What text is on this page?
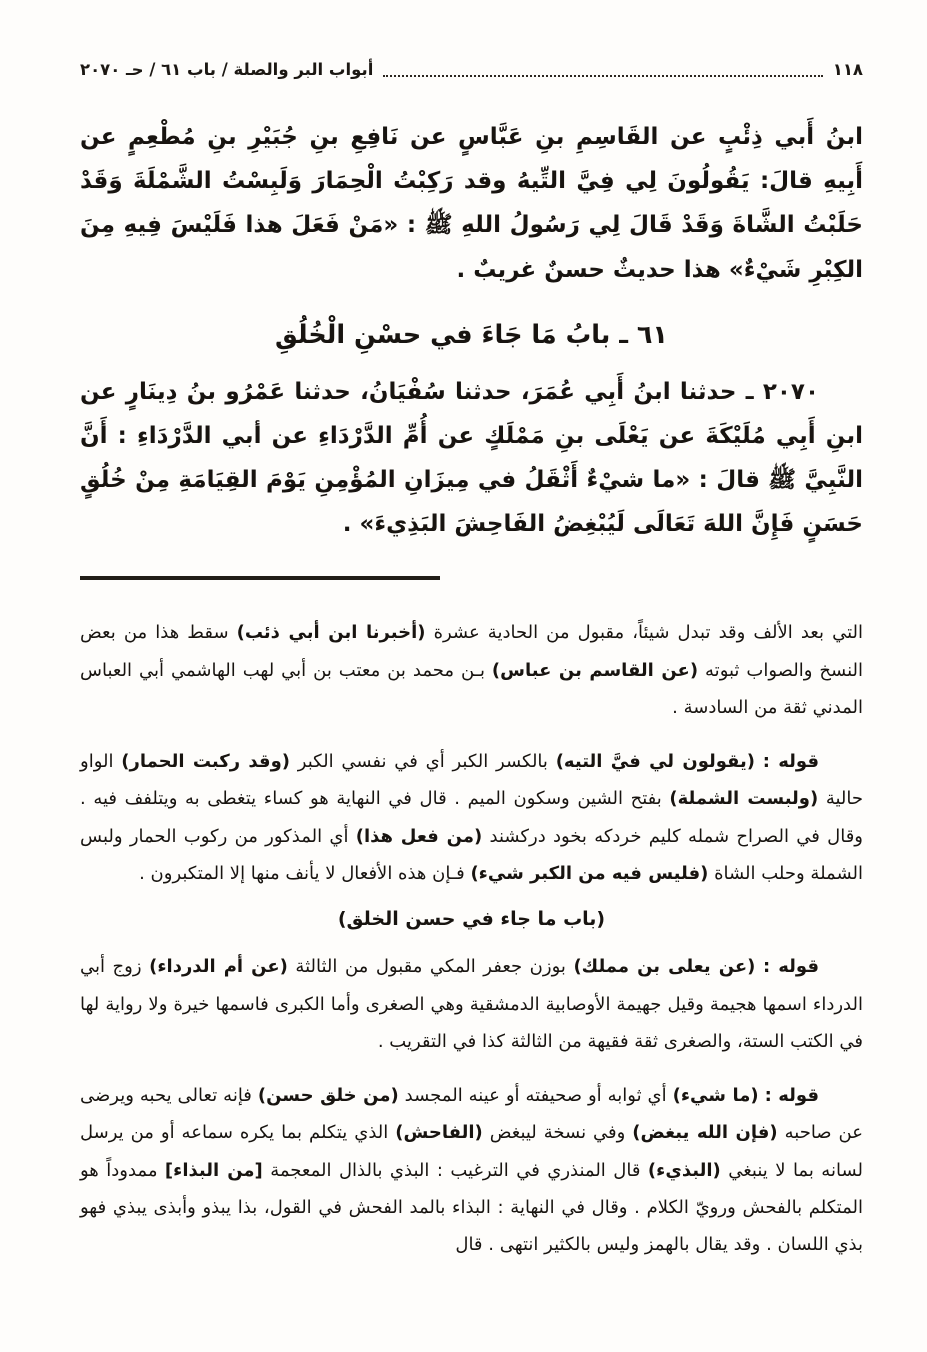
١١٨
أبواب البر والصلة / باب ٦١ / حـ ٢٠٧٠

ابنُ أَبي ذِئْبٍ عن القَاسِمِ بنِ عَبَّاسٍ عن نَافِعِ بنِ جُبَيْرِ بنِ مُطْعِمٍ عن أَبِيهِ قالَ: يَقُولُونَ لِي فِيَّ التِّيهُ وقد رَكِبْتُ الْحِمَارَ وَلَبِسْتُ الشَّمْلَةَ وَقَدْ حَلَبْتُ الشَّاةَ وَقَدْ قَالَ لِي رَسُولُ اللهِ ﷺ : «مَنْ فَعَلَ هذا فَلَيْسَ فِيهِ مِنَ الكِبْرِ شَيْءٌ» هذا حديثٌ حسنٌ غريبٌ .

٦١ ـ بابُ مَا جَاءَ في حسْنِ الْخُلُقِ

٢٠٧٠ ـ حدثنا ابنُ أَبِي عُمَرَ، حدثنا سُفْيَانُ، حدثنا عَمْرُو بنُ دِينَارٍ عن ابنِ أَبِي مُلَيْكَةَ عن يَعْلَى بنِ مَمْلَكٍ عن أُمِّ الدَّرْدَاءِ عن أبي الدَّرْدَاءِ : أَنَّ النَّبِيَّ ﷺ قالَ : «ما شيْءٌ أَثْقَلُ في مِيزَانِ المُؤْمِنِ يَوْمَ القِيَامَةِ مِنْ خُلُقٍ حَسَنٍ فَإِنَّ اللهَ تَعَالَى لَيُبْغِضُ الفَاحِشَ البَذِيءَ» .

التي بعد الألف وقد تبدل شيئاً، مقبول من الحادية عشرة (أخبرنا ابن أبي ذئب) سقط هذا من بعض النسخ والصواب ثبوته (عن القاسم بن عباس) بـن محمد بن معتب بن أبي لهب الهاشمي أبي العباس المدني ثقة من السادسة .

قوله : (يقولون لي فيَّ التيه) بالكسر الكبر أي في نفسي الكبر (وقد ركبت الحمار) الواو حالية (ولبست الشملة) بفتح الشين وسكون الميم . قال في النهاية هو كساء يتغطى به ويتلفف فيه . وقال في الصراح شمله كليم خردكه بخود دركشند (من فعل هذا) أي المذكور من ركوب الحمار ولبس الشملة وحلب الشاة (فليس فيه من الكبر شيء) فـإن هذه الأفعال لا يأنف منها إلا المتكبرون .

(باب ما جاء في حسن الخلق)

قوله : (عن يعلى بن مملك) بوزن جعفر المكي مقبول من الثالثة (عن أم الدرداء) زوج أبي الدرداء اسمها هجيمة وقيل جهيمة الأوصابية الدمشقية وهي الصغرى وأما الكبرى فاسمها خيرة ولا رواية لها في الكتب الستة، والصغرى ثقة فقيهة من الثالثة كذا في التقريب .

قوله : (ما شيء) أي ثوابه أو صحيفته أو عينه المجسد (من خلق حسن) فإنه تعالى يحبه ويرضى عن صاحبه (فإن الله يبغض) وفي نسخة ليبغض (الفاحش) الذي يتكلم بما يكره سماعه أو من يرسل لسانه بما لا ينبغي (البذيء) قال المنذري في الترغيب : البذي بالذال المعجمة [من البذاء] ممدوداً هو المتكلم بالفحش ورويّ الكلام . وقال في النهاية : البذاء بالمد الفحش في القول، بذا يبذو وأبذى يبذي فهو بذي اللسان . وقد يقال بالهمز وليس بالكثير انتهى . قال
